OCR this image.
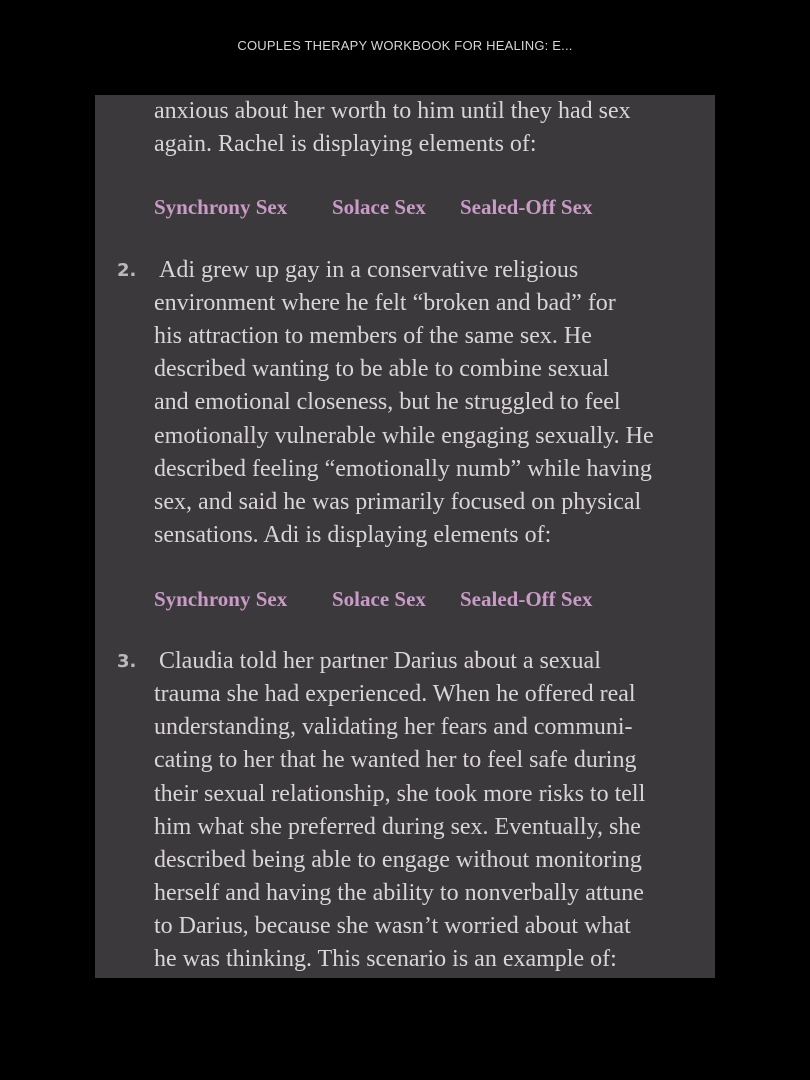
COUPLES THERAPY WORKBOOK FOR HEALING: E...
anxious about her worth to him until they had sex
again. Rachel is displaying elements of:
Synchrony Sex Solace Sex Sealed-Off Sex
2. Adi grew up gay in a conservative religious
environment where he felt “broken and bad” for
his attraction to members of the same sex. He
described wanting to be able to combine sexual
and emotional closeness, but he struggled to feel
emotionally vulnerable while engaging sexually. He
described feeling “emotionally numb” while having
sex, and said he was primarily focused on physical
sensations. Adi is displaying elements of:
Synchrony Sex Solace Sex Sealed-Off Sex
3. Claudia told her partner Darius about a sexual
trauma she had experienced. When he offered real
understanding, validating her fears and communi-
cating to her that he wanted her to feel safe during
their sexual relationship, she took more risks to tell
him what she preferred during sex. Eventually, she
described being able to engage without monitoring
herself and having the ability to nonverbally attune
to Darius, because she wasn’t worried about what
he was thinking. This scenario is an example of:
